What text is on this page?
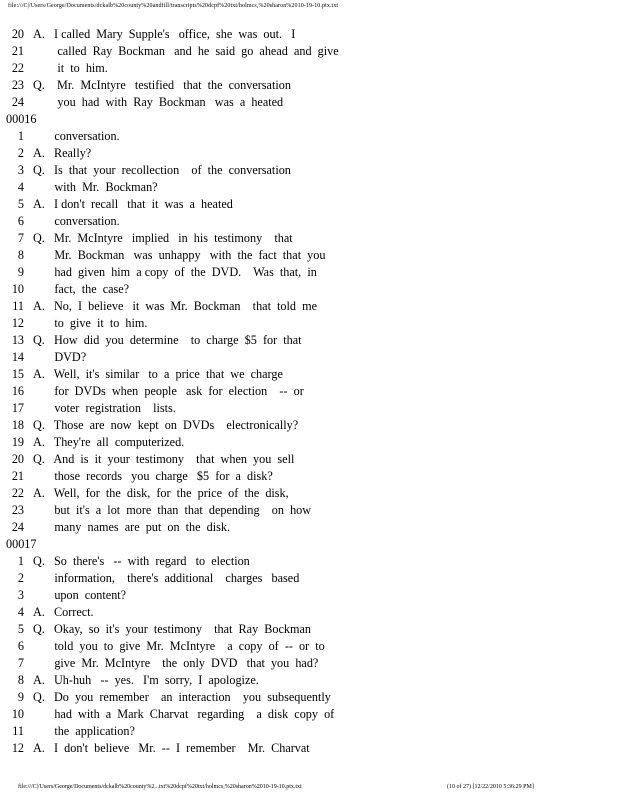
file:///C|/Users/George/Documents/dckalb%20county%20andfill/transcripts%20dcpf%20txt/holmcs,%20sharon%2010-19-10.ptx.txt
20 A.   I called  Mary  Supple's   office,  she  was  out.   I
21 called  Ray  Bockman   and  he  said  go  ahead  and  give
22 it  to  him.
23 Q.    Mr.  McIntyre   testified   that  the  conversation
24 you  had  with  Ray  Bockman   was  a  heated
00016
1 conversation.
2 A.   Really?
3 Q.   Is  that  your  recollection    of  the  conversation
4 with  Mr.  Bockman?
5 A.   I don't  recall   that  it  was  a  heated
6 conversation.
7 Q.   Mr.  McIntyre   implied   in  his  testimony    that
8 Mr.  Bockman   was  unhappy   with  the  fact  that  you
9 had  given  him  a copy  of  the  DVD.    Was  that,  in
10 fact,  the  case?
11 A.   No,  I  believe   it  was  Mr.  Bockman    that  told  me
12 to  give  it  to  him.
13 Q.   How  did  you  determine    to  charge  $5  for  that
14 DVD?
15 A.   Well,  it's  similar   to  a  price  that  we  charge
16 for  DVDs  when  people   ask  for  election    --  or
17 voter  registration    lists.
18 Q.   Those  are  now  kept  on  DVDs    electronically?
19 A.   They're  all  computerized.
20 Q.   And  is  it  your  testimony    that  when  you  sell
21 those  records   you  charge   $5  for  a  disk?
22 A.   Well,  for  the  disk,  for  the  price  of  the  disk,
23 but  it's  a  lot  more  than  that  depending    on  how
24 many  names  are  put  on  the  disk.
00017
1 Q.   So  there's   --  with  regard   to  election
2 information,    there's  additional    charges   based
3 upon  content?
4 A.   Correct.
5 Q.   Okay,  so  it's  your  testimony    that  Ray  Bockman
6 told  you  to  give  Mr.  McIntyre    a  copy  of  --  or  to
7 give  Mr.  McIntyre    the  only  DVD   that  you  had?
8 A.   Uh-huh   --  yes.   I'm  sorry,  I  apologize.
9 Q.   Do  you  remember    an  interaction    you  subsequently
10 had  with  a  Mark  Charvat   regarding    a  disk  copy  of
11 the  application?
12 A.   I  don't  believe   Mr.  --  I  remember    Mr.  Charvat
file:///C|/Users/George/Documents/dckalb%20county%2...txt%20dcpf%20txt/holmcs,%20sharon%2010-19-10.ptx.txt	(10 of 27) [12/22/2010 5:36:29 PM]
